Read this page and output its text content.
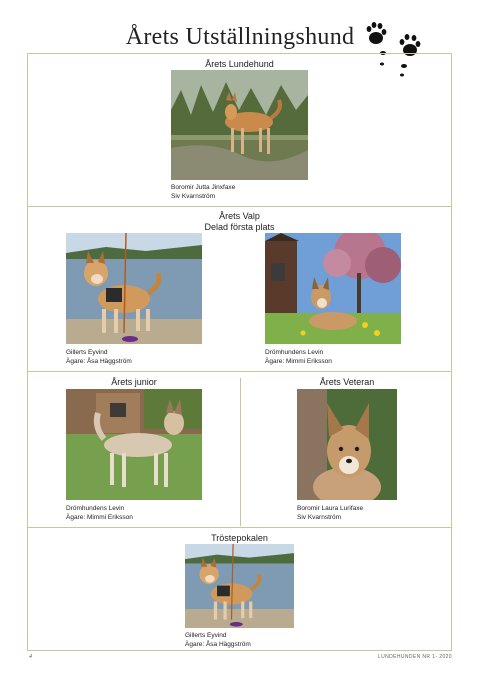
Årets Utställningshund
Årets Lundehund
Boromir Jutta Jinxfaxe
Siv Kvarnström
Årets Valp
Delad första plats
Gillerts Eyvind
Ägare: Åsa Häggström
Drömhundens Levin
Ägare: Mimmi Eriksson
Årets junior
Drömhundens Levin
Ägare: Mimmi Eriksson
Årets Veteran
Boromir Laura Lurifaxe
Siv Kvarnström
Tröstepokalen
Gillerts Eyvind
Ägare: Åsa Häggström
4	LUNDEHUNDEN NR 1- 2020
